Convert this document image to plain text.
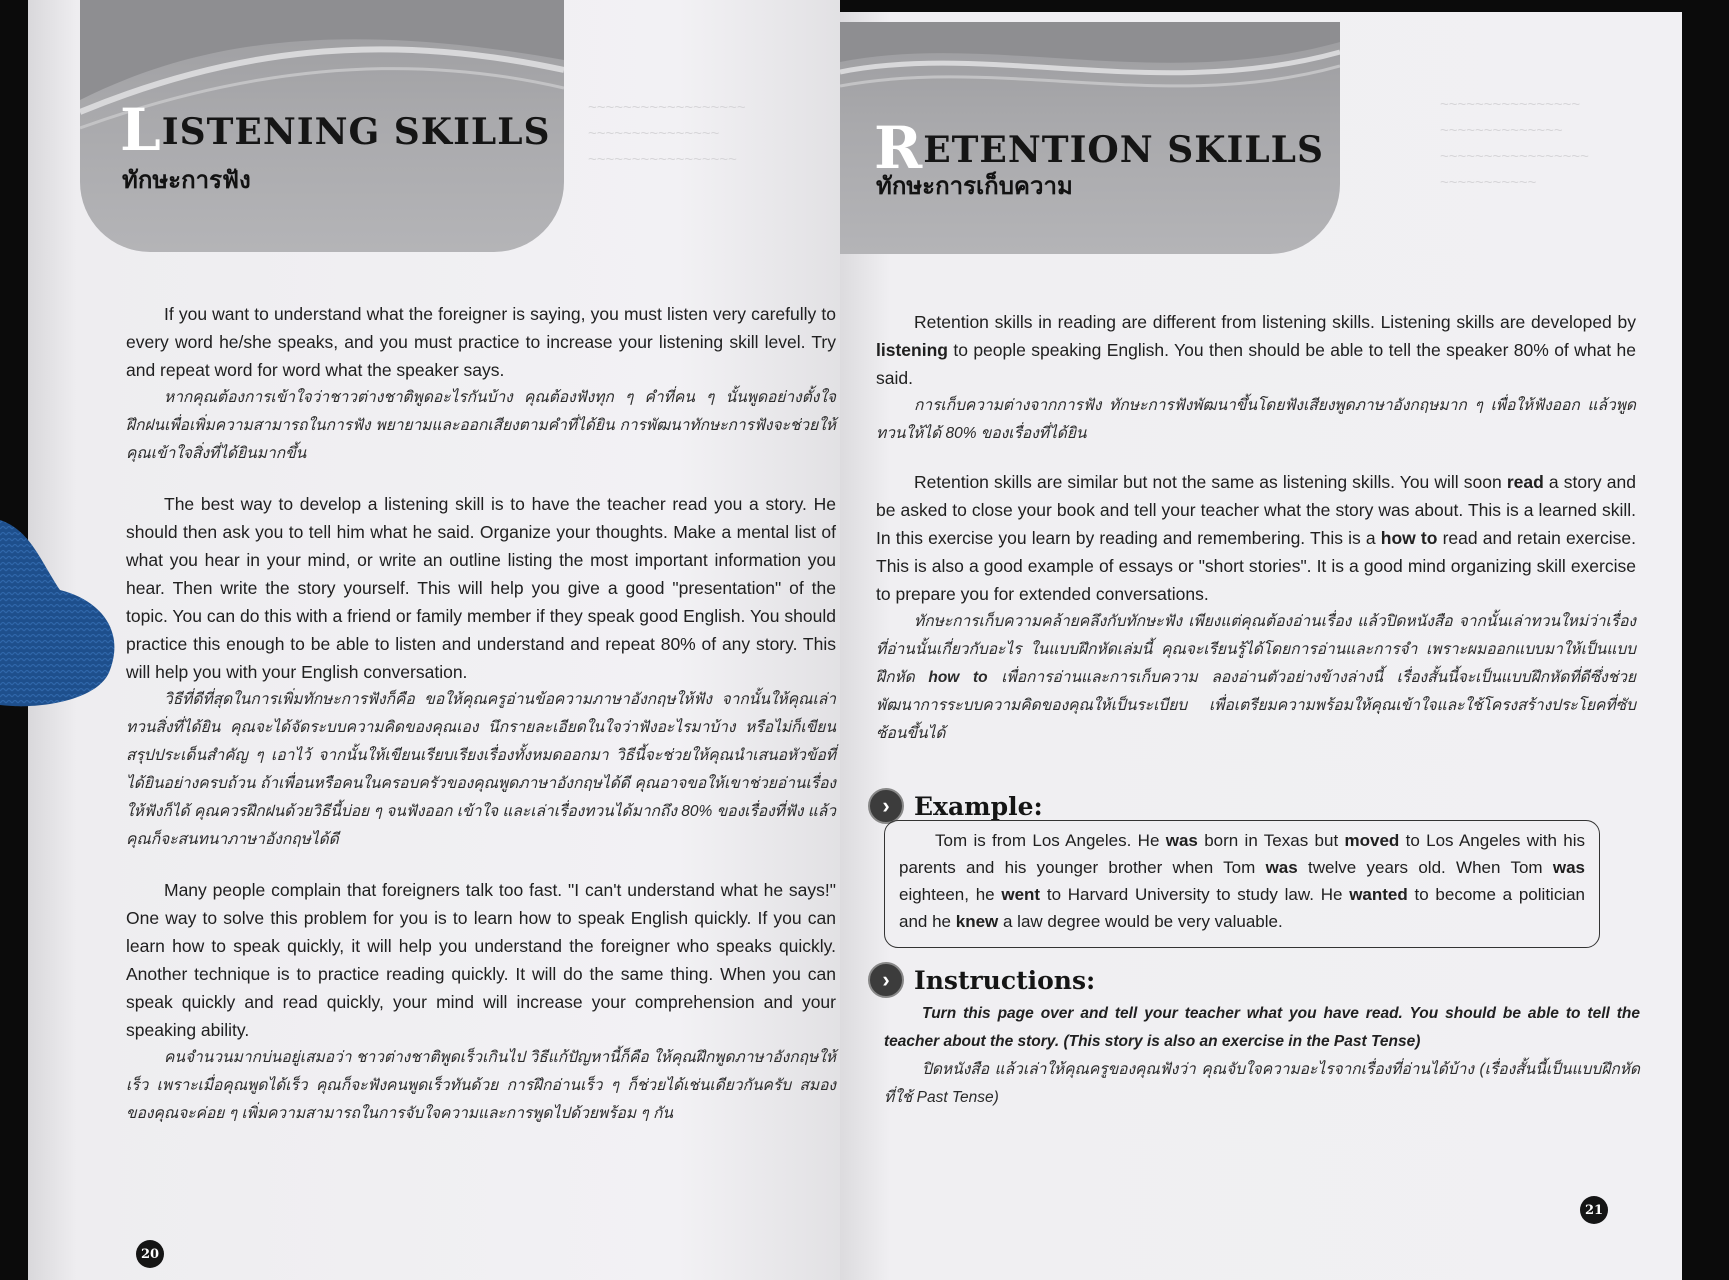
~~~~~~~~~~~~~~~~~~
~~~~~~~~~~~~~~~
~~~~~~~~~~~~~~~~~
LISTENING SKILLS
ทักษะการฟัง

If you want to understand what the foreigner is saying, you must listen very carefully to every word he/she speaks, and you must practice to increase your listening skill level. Try and repeat word for word what the speaker says.

หากคุณต้องการเข้าใจว่าชาวต่างชาติพูดอะไรกันบ้าง คุณต้องฟังทุก ๆ คำที่คน ๆ นั้นพูดอย่างตั้งใจ ฝึกฝนเพื่อเพิ่มความสามารถในการฟัง พยายามและออกเสียงตามคำที่ได้ยิน การพัฒนาทักษะการฟังจะช่วยให้คุณเข้าใจสิ่งที่ได้ยินมากขึ้น

The best way to develop a listening skill is to have the teacher read you a story. He should then ask you to tell him what he said. Organize your thoughts. Make a mental list of what you hear in your mind, or write an outline listing the most important information you hear. Then write the story yourself. This will help you give a good "presentation" of the topic. You can do this with a friend or family member if they speak good English. You should practice this enough to be able to listen and understand and repeat 80% of any story. This will help you with your English conversation.

วิธีที่ดีที่สุดในการเพิ่มทักษะการฟังก็คือ ขอให้คุณครูอ่านข้อความภาษาอังกฤษให้ฟัง จากนั้นให้คุณเล่าทวนสิ่งที่ได้ยิน คุณจะได้จัดระบบความคิดของคุณเอง นึกรายละเอียดในใจว่าฟังอะไรมาบ้าง หรือไม่ก็เขียนสรุปประเด็นสำคัญ ๆ เอาไว้ จากนั้นให้เขียนเรียบเรียงเรื่องทั้งหมดออกมา วิธีนี้จะช่วยให้คุณนำเสนอหัวข้อที่ได้ยินอย่างครบถ้วน ถ้าเพื่อนหรือคนในครอบครัวของคุณพูดภาษาอังกฤษได้ดี คุณอาจขอให้เขาช่วยอ่านเรื่องให้ฟังก็ได้ คุณควรฝึกฝนด้วยวิธีนี้บ่อย ๆ จนฟังออก เข้าใจ และเล่าเรื่องทวนได้มากถึง 80% ของเรื่องที่ฟัง แล้วคุณก็จะสนทนาภาษาอังกฤษได้ดี

Many people complain that foreigners talk too fast. "I can't understand what he says!" One way to solve this problem for you is to learn how to speak English quickly. If you can learn how to speak quickly, it will help you understand the foreigner who speaks quickly. Another technique is to practice reading quickly. It will do the same thing. When you can speak quickly and read quickly, your mind will increase your comprehension and your speaking ability.

คนจำนวนมากบ่นอยู่เสมอว่า ชาวต่างชาติพูดเร็วเกินไป วิธีแก้ปัญหานี้ก็คือ ให้คุณฝึกพูดภาษาอังกฤษให้เร็ว เพราะเมื่อคุณพูดได้เร็ว คุณก็จะฟังคนพูดเร็วทันด้วย การฝึกอ่านเร็ว ๆ ก็ช่วยได้เช่นเดียวกันครับ สมองของคุณจะค่อย ๆ เพิ่มความสามารถในการจับใจความและการพูดไปด้วยพร้อม ๆ กัน

20
~~~~~~~~~~~~~~~~
~~~~~~~~~~~~~~
~~~~~~~~~~~~~~~~~
~~~~~~~~~~~
RETENTION SKILLS
ทักษะการเก็บความ

Retention skills in reading are different from listening skills. Listening skills are developed by listening to people speaking English. You then should be able to tell the speaker 80% of what he said.

การเก็บความต่างจากการฟัง ทักษะการฟังพัฒนาขึ้นโดยฟังเสียงพูดภาษาอังกฤษมาก ๆ เพื่อให้ฟังออก แล้วพูดทวนให้ได้ 80% ของเรื่องที่ได้ยิน

Retention skills are similar but not the same as listening skills. You will soon read a story and be asked to close your book and tell your teacher what the story was about. This is a learned skill. In this exercise you learn by reading and remembering. This is a how to read and retain exercise. This is also a good example of essays or "short stories". It is a good mind organizing skill exercise to prepare you for extended conversations.

ทักษะการเก็บความคล้ายคลึงกับทักษะฟัง เพียงแต่คุณต้องอ่านเรื่อง แล้วปิดหนังสือ จากนั้นเล่าทวนใหม่ว่าเรื่องที่อ่านนั้นเกี่ยวกับอะไร ในแบบฝึกหัดเล่มนี้ คุณจะเรียนรู้ได้โดยการอ่านและการจำ เพราะผมออกแบบมาให้เป็นแบบฝึกหัด how to เพื่อการอ่านและการเก็บความ ลองอ่านตัวอย่างข้างล่างนี้ เรื่องสั้นนี้จะเป็นแบบฝึกหัดที่ดีซึ่งช่วยพัฒนาการระบบความคิดของคุณให้เป็นระเบียบ เพื่อเตรียมความพร้อมให้คุณเข้าใจและใช้โครงสร้างประโยคที่ซับซ้อนขึ้นได้

› Example:

Tom is from Los Angeles. He was born in Texas but moved to Los Angeles with his parents and his younger brother when Tom was twelve years old. When Tom was eighteen, he went to Harvard University to study law. He wanted to become a politician and he knew a law degree would be very valuable.

› Instructions:

Turn this page over and tell your teacher what you have read. You should be able to tell the teacher about the story. (This story is also an exercise in the Past Tense)

ปิดหนังสือ แล้วเล่าให้คุณครูของคุณฟังว่า คุณจับใจความอะไรจากเรื่องที่อ่านได้บ้าง (เรื่องสั้นนี้เป็นแบบฝึกหัดที่ใช้ Past Tense)

21
